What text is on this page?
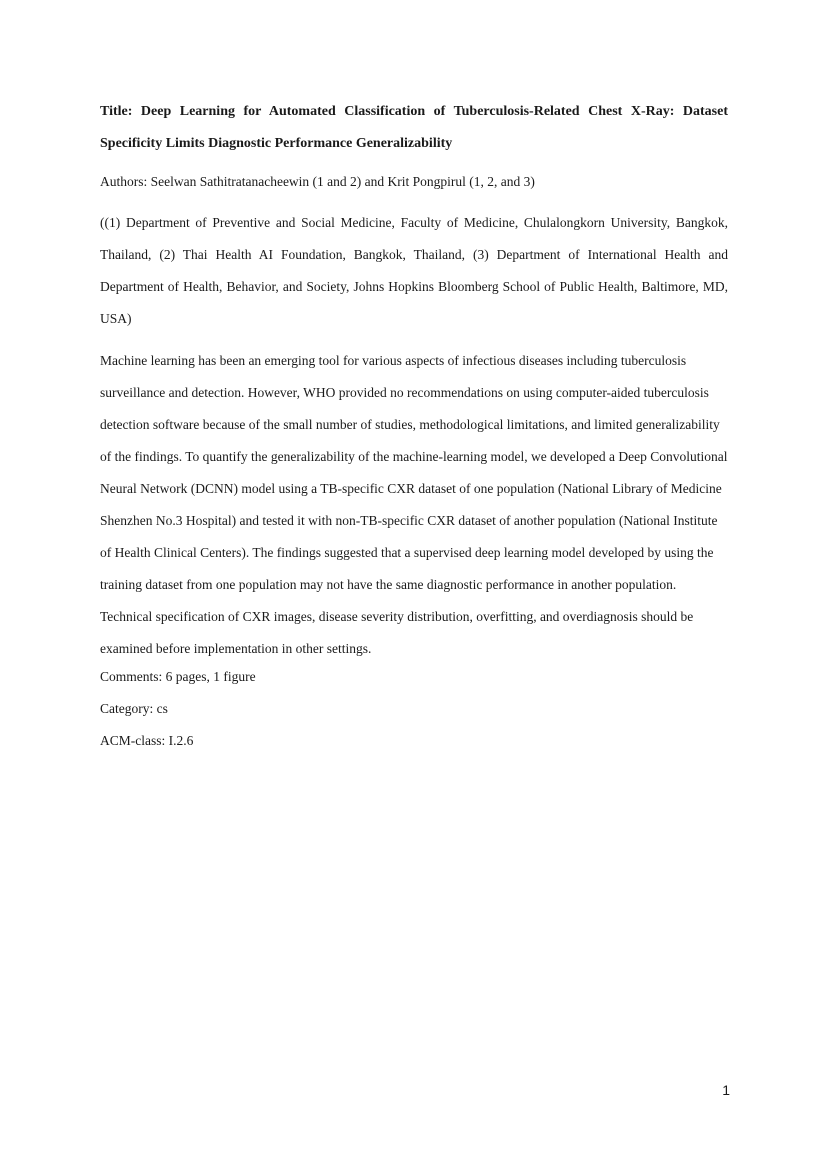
Title: Deep Learning for Automated Classification of Tuberculosis-Related Chest X-Ray: Dataset Specificity Limits Diagnostic Performance Generalizability

Authors: Seelwan Sathitratanacheewin (1 and 2) and Krit Pongpirul (1, 2, and 3)

((1) Department of Preventive and Social Medicine, Faculty of Medicine, Chulalongkorn University, Bangkok, Thailand, (2) Thai Health AI Foundation, Bangkok, Thailand, (3) Department of International Health and Department of Health, Behavior, and Society, Johns Hopkins Bloomberg School of Public Health, Baltimore, MD, USA)

Machine learning has been an emerging tool for various aspects of infectious diseases including tuberculosis surveillance and detection. However, WHO provided no recommendations on using computer-aided tuberculosis detection software because of the small number of studies, methodological limitations, and limited generalizability of the findings. To quantify the generalizability of the machine-learning model, we developed a Deep Convolutional Neural Network (DCNN) model using a TB-specific CXR dataset of one population (National Library of Medicine Shenzhen No.3 Hospital) and tested it with non-TB-specific CXR dataset of another population (National Institute of Health Clinical Centers). The findings suggested that a supervised deep learning model developed by using the training dataset from one population may not have the same diagnostic performance in another population. Technical specification of CXR images, disease severity distribution, overfitting, and overdiagnosis should be examined before implementation in other settings.

Comments: 6 pages, 1 figure

Category: cs

ACM-class: I.2.6

1
